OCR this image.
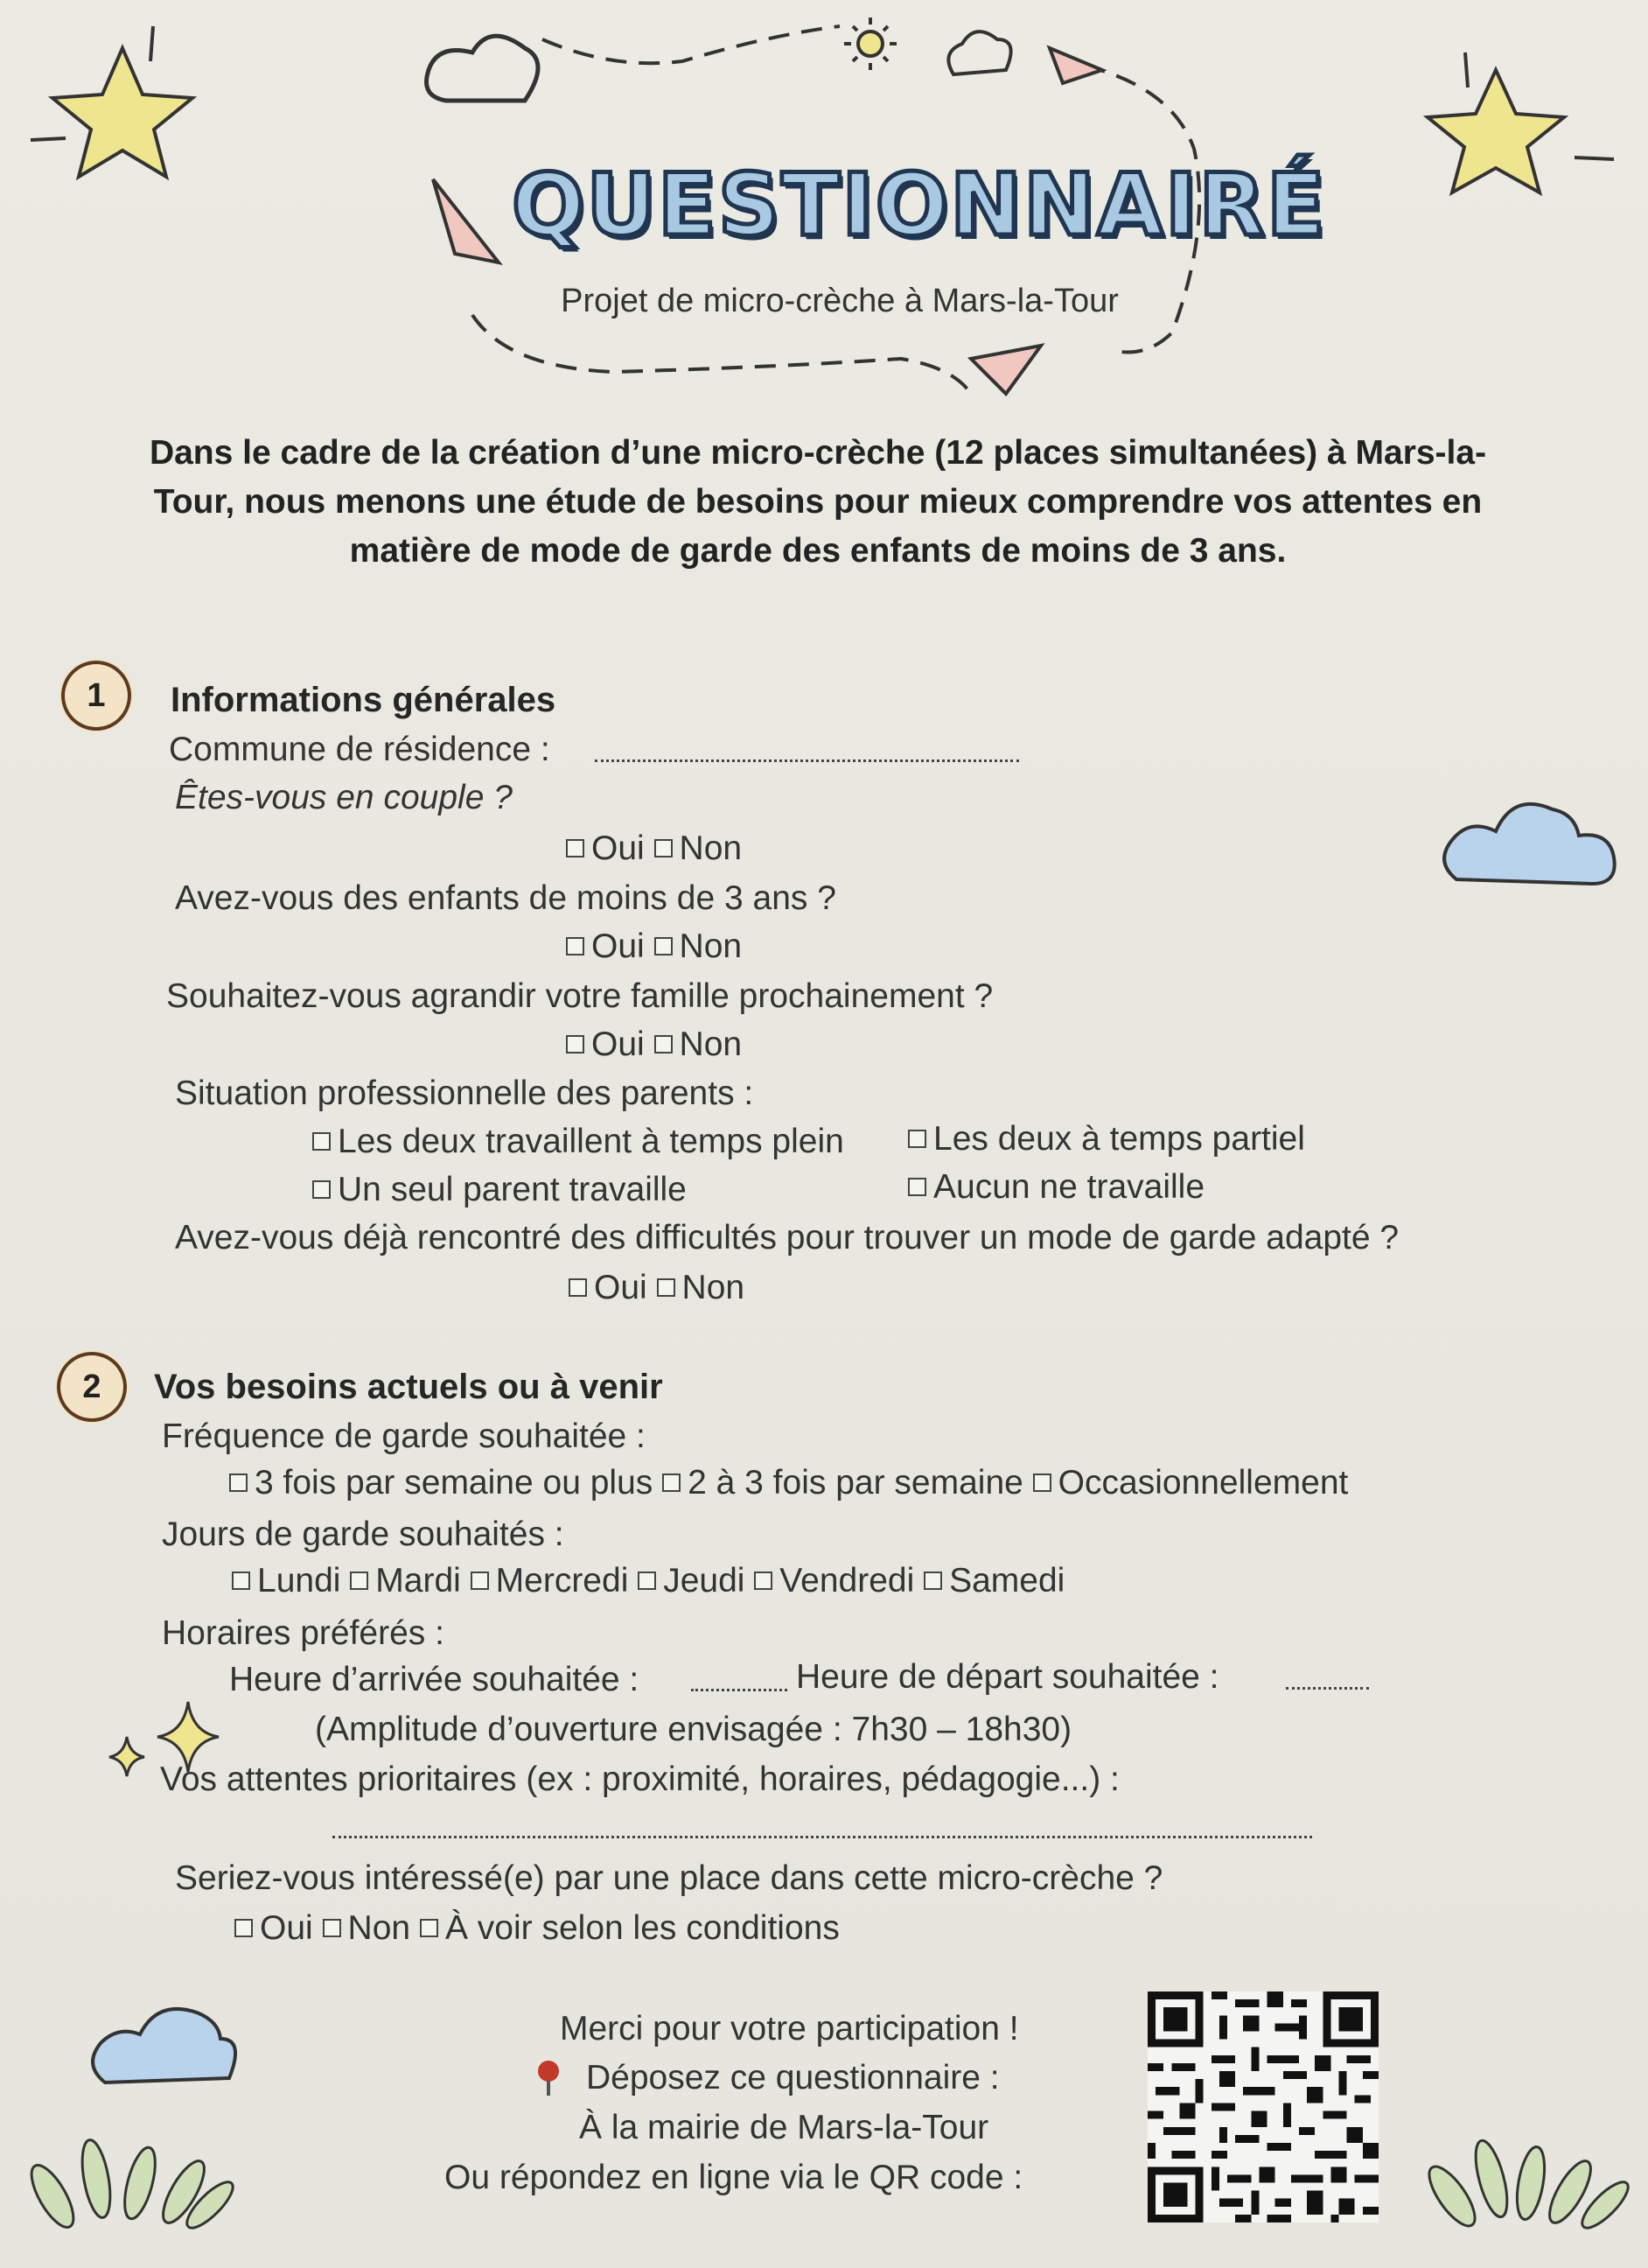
QUESTIONNAIRÉ
Projet de micro-crèche à Mars-la-Tour
Dans le cadre de la création d’une micro-crèche (12 places simultanées) à Mars-la-
Tour, nous menons une étude de besoins pour mieux comprendre vos attentes en
matière de mode de garde des enfants de moins de 3 ans.
1	Informations générales
Commune de résidence :
Êtes-vous en couple ?
Oui Non
Avez-vous des enfants de moins de 3 ans ?
Oui Non
Souhaitez-vous agrandir votre famille prochainement ?
Oui Non
Situation professionnelle des parents :
Les deux travaillent à temps plein	Les deux à temps partiel
Un seul parent travaille	Aucun ne travaille
Avez-vous déjà rencontré des difficultés pour trouver un mode de garde adapté ?
Oui Non
2	Vos besoins actuels ou à venir
Fréquence de garde souhaitée :
3 fois par semaine ou plus 2 à 3 fois par semaine Occasionnellement
Jours de garde souhaités :
Lundi Mardi Mercredi Jeudi Vendredi Samedi
Horaires préférés :
Heure d’arrivée souhaitée :	Heure de départ souhaitée :
(Amplitude d’ouverture envisagée : 7h30 – 18h30)
Vos attentes prioritaires (ex : proximité, horaires, pédagogie...) :
Seriez-vous intéressé(e) par une place dans cette micro-crèche ?
Oui Non À voir selon les conditions
Merci pour votre participation !
Déposez ce questionnaire :
À la mairie de Mars-la-Tour
Ou répondez en ligne via le QR code :
